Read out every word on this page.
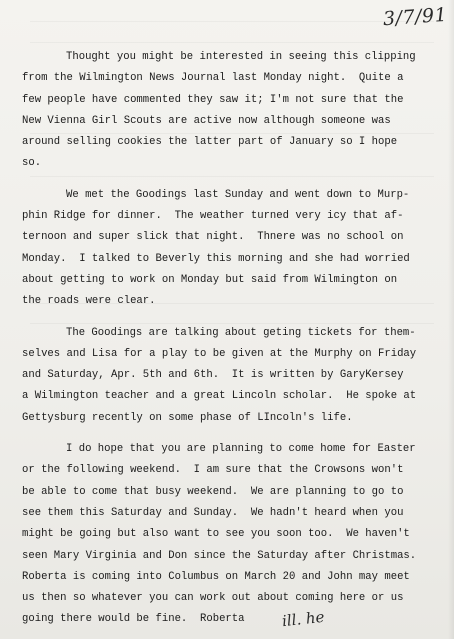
3/7/91
Thought you might be interested in seeing this clipping
from the Wilmington News Journal last Monday night.  Quite a
few people have commented they saw it; I'm not sure that the
New Vienna Girl Scouts are active now although someone was
around selling cookies the latter part of January so I hope
so.
We met the Goodings last Sunday and went down to Murp-
phin Ridge for dinner.  The weather turned very icy that af-
ternoon and super slick that night.  Thnere was no school on
Monday.  I talked to Beverly this morning and she had worried
about getting to work on Monday but said from Wilmington on
the roads were clear.
The Goodings are talking about geting tickets for them-
selves and Lisa for a play to be given at the Murphy on Friday
and Saturday, Apr. 5th and 6th.  It is written by GaryKersey
a Wilmington teacher and a great Lincoln scholar.  He spoke at
Gettysburg recently on some phase of LIncoln's life.
I do hope that you are planning to come home for Easter
or the following weekend.  I am sure that the Crowsons won't
be able to come that busy weekend.  We are planning to go to
see them this Saturday and Sunday.  We hadn't heard when you
might be going but also want to see you soon too.  We haven't
seen Mary Virginia and Don since the Saturday after Christmas.
Roberta is coming into Columbus on March 20 and John may meet
us then so whatever you can work out about coming here or us
going there would be fine.  Roberta	ill. he
